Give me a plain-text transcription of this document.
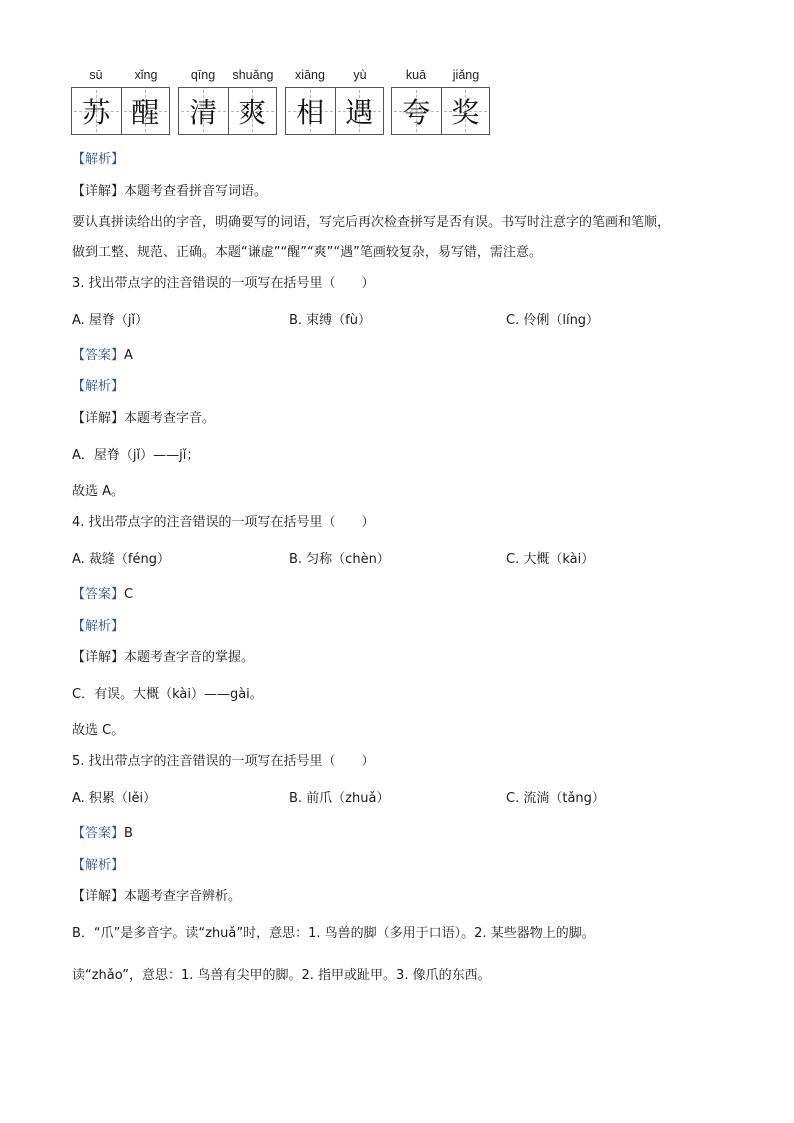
sū	xǐng
苏 醒
qīng	shuǎng
清 爽
xiāng	yù
相 遇
kuā	jiǎng
夸 奖
【解析】
【详解】本题考查看拼音写词语。
要认真拼读给出的字音，明确要写的词语，写完后再次检查拼写是否有误。书写时注意字的笔画和笔顺，
做到工整、规范、正确。本题“谦虚”“醒”“爽”“遇”笔画较复杂，易写错，需注意。
3. 找出带点字的注音错误的一项写在括号里（　　）
A. 屋脊（jǐ）	B. 束缚（fù）	C. 伶俐（líng）
【答案】A
【解析】
【详解】本题考查字音。
A．屋脊（jǐ）——jǐ；
故选 A。
4. 找出带点字的注音错误的一项写在括号里（　　）
A. 裁缝（féng）	B. 匀称（chèn）	C. 大概（kài）
【答案】C
【解析】
【详解】本题考查字音的掌握。
C．有误。大概（kài）——gài。
故选 C。
5. 找出带点字的注音错误的一项写在括号里（　　）
A. 积累（lěi）	B. 前爪（zhuǎ）	C. 流淌（tǎng）
【答案】B
【解析】
【详解】本题考查字音辨析。
B．“爪”是多音字。读“zhuǎ”时，意思：1. 鸟兽的脚（多用于口语）。2. 某些器物上的脚。
读“zhǎo”，意思：1. 鸟兽有尖甲的脚。2. 指甲或趾甲。3. 像爪的东西。
